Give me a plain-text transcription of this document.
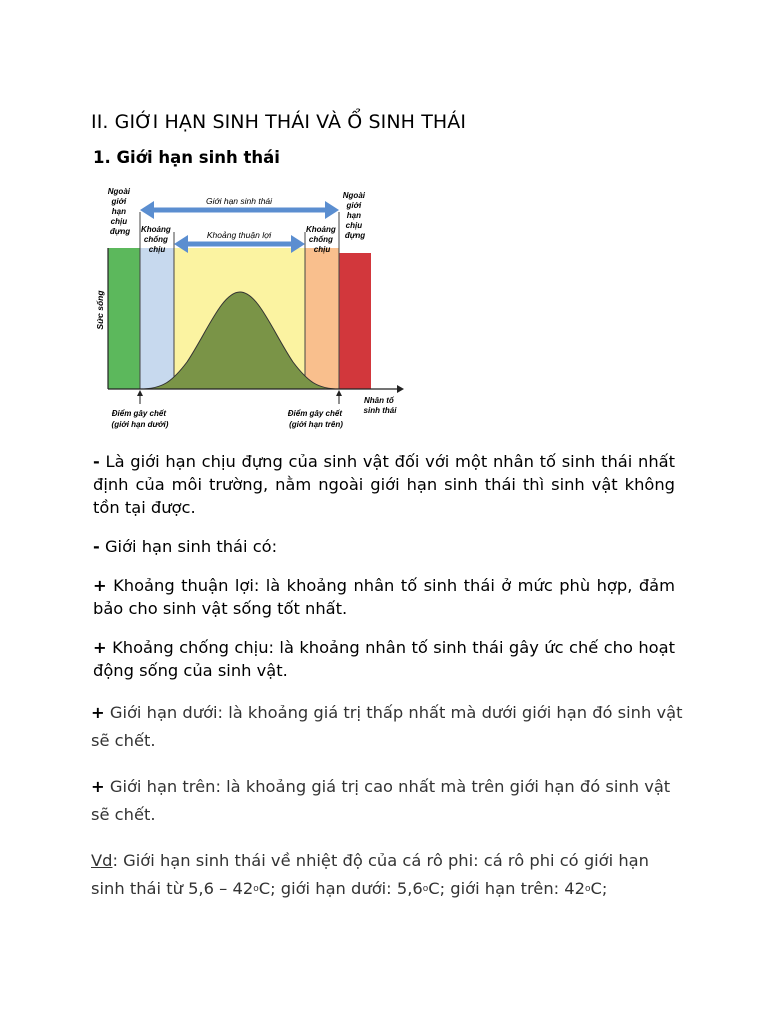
II. GIỚI HẠN SINH THÁI VÀ Ổ SINH THÁI
1. Giới hạn sinh thái
Giới hạn sinh thái
Khoảng thuận lợi
Ngoài giới hạn chịu đựng
Ngoài giới hạn chịu đựng
Khoảng chống chịu
Khoảng chống chịu
Sức sống
Nhân tố sinh thái
Điểm gây chết (giới hạn dưới)
Điểm gây chết (giới hạn trên)
- Là giới hạn chịu đựng của sinh vật đối với một nhân tố sinh thái nhất định của môi trường, nằm ngoài giới hạn sinh thái thì sinh vật không tồn tại được.
- Giới hạn sinh thái có:
+ Khoảng thuận lợi: là khoảng nhân tố sinh thái ở mức phù hợp, đảm bảo cho sinh vật sống tốt nhất.
+ Khoảng chống chịu: là khoảng nhân tố sinh thái gây ức chế cho hoạt động sống của sinh vật.
+ Giới hạn dưới: là khoảng giá trị thấp nhất mà dưới giới hạn đó sinh vật sẽ chết.
+ Giới hạn trên: là khoảng giá trị cao nhất mà trên giới hạn đó sinh vật sẽ chết.
Vd: Giới hạn sinh thái về nhiệt độ của cá rô phi: cá rô phi có giới hạn sinh thái từ 5,6 – 42$^o$C; giới hạn dưới: 5,6$^o$C; giới hạn trên: 42$^o$C;
